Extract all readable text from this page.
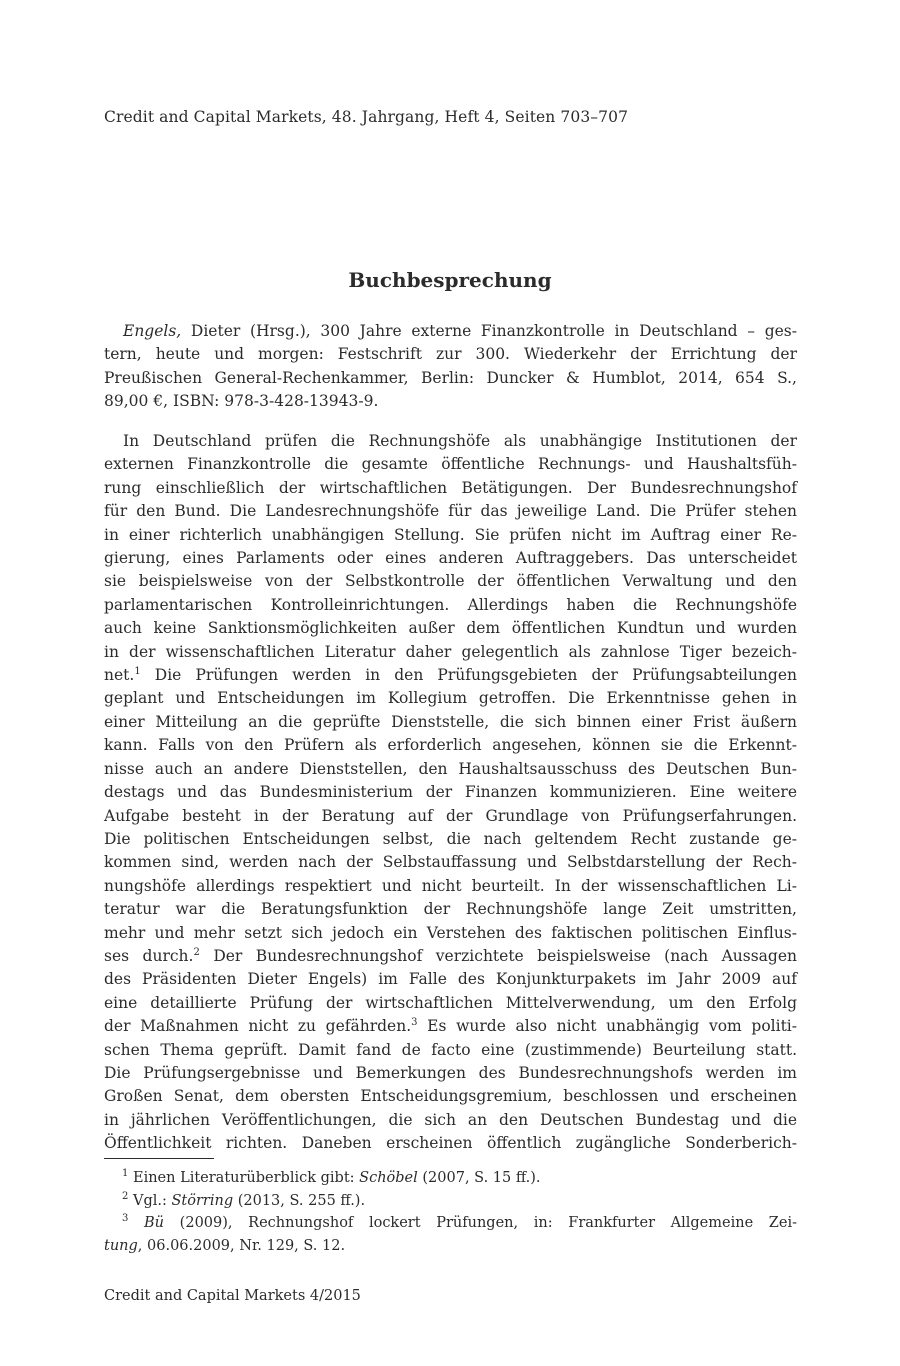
Credit and Capital Markets, 48. Jahrgang, Heft 4, Seiten 703–707
Buchbesprechung
Engels, Dieter (Hrsg.), 300 Jahre externe Finanzkontrolle in Deutschland – ges-
tern, heute und morgen: Festschrift zur 300. Wiederkehr der Errichtung der
Preußischen General-Rechenkammer, Berlin: Duncker & Humblot, 2014, 654 S.,
89,00 €, ISBN: 978-3-428-13943-9.
In Deutschland prüfen die Rechnungshöfe als unabhängige Institutionen der
externen Finanzkontrolle die gesamte öffentliche Rechnungs- und Haushaltsfüh-
rung einschließlich der wirtschaftlichen Betätigungen. Der Bundesrechnungshof
für den Bund. Die Landesrechnungshöfe für das jeweilige Land. Die Prüfer stehen
in einer richterlich unabhängigen Stellung. Sie prüfen nicht im Auftrag einer Re-
gierung, eines Parlaments oder eines anderen Auftraggebers. Das unterscheidet
sie beispielsweise von der Selbstkontrolle der öffentlichen Verwaltung und den
parlamentarischen Kontrolleinrichtungen. Allerdings haben die Rechnungshöfe
auch keine Sanktionsmöglichkeiten außer dem öffentlichen Kundtun und wurden
in der wissenschaftlichen Literatur daher gelegentlich als zahnlose Tiger bezeich-
net.$^1$ Die Prüfungen werden in den Prüfungsgebieten der Prüfungsabteilungen
geplant und Entscheidungen im Kollegium getroffen. Die Erkenntnisse gehen in
einer Mitteilung an die geprüfte Dienststelle, die sich binnen einer Frist äußern
kann. Falls von den Prüfern als erforderlich angesehen, können sie die Erkennt-
nisse auch an andere Dienststellen, den Haushaltsausschuss des Deutschen Bun-
destags und das Bundesministerium der Finanzen kommunizieren. Eine weitere
Aufgabe besteht in der Beratung auf der Grundlage von Prüfungserfahrungen.
Die politischen Entscheidungen selbst, die nach geltendem Recht zustande ge-
kommen sind, werden nach der Selbstauffassung und Selbstdarstellung der Rech-
nungshöfe allerdings respektiert und nicht beurteilt. In der wissenschaftlichen Li-
teratur war die Beratungsfunktion der Rechnungshöfe lange Zeit umstritten,
mehr und mehr setzt sich jedoch ein Verstehen des faktischen politischen Einflus-
ses durch.$^2$ Der Bundesrechnungshof verzichtete beispielsweise (nach Aussagen
des Präsidenten Dieter Engels) im Falle des Konjunkturpakets im Jahr 2009 auf
eine detaillierte Prüfung der wirtschaftlichen Mittelverwendung, um den Erfolg
der Maßnahmen nicht zu gefährden.$^3$ Es wurde also nicht unabhängig vom politi-
schen Thema geprüft. Damit fand de facto eine (zustimmende) Beurteilung statt.
Die Prüfungsergebnisse und Bemerkungen des Bundesrechnungshofs werden im
Großen Senat, dem obersten Entscheidungsgremium, beschlossen und erscheinen
in jährlichen Veröffentlichungen, die sich an den Deutschen Bundestag und die
Öffentlichkeit richten. Daneben erscheinen öffentlich zugängliche Sonderberich-
$^1$ Einen Literaturüberblick gibt: Schöbel (2007, S. 15 ff.).
$^2$ Vgl.: Störring (2013, S. 255 ff.).
$^3$ Bü (2009), Rechnungshof lockert Prüfungen, in: Frankfurter Allgemeine Zei-
tung, 06.06.2009, Nr. 129, S. 12.
Credit and Capital Markets 4/2015
